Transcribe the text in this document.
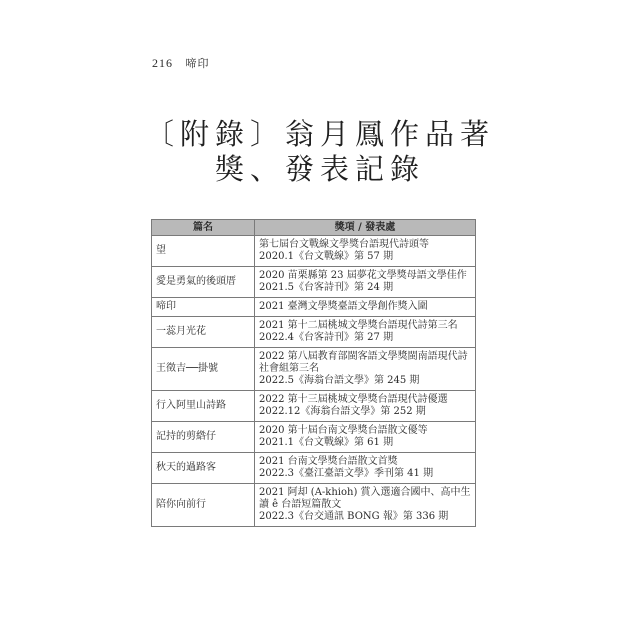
216 啼印
〔附錄〕翁月鳳作品著
獎、發表記錄
篇名	獎項 / 發表處
望	第七屆台文戰線文學獎台語現代詩頭等
2020.1《台文戰線》第 57 期

愛是勇氣的後頭厝	2020 苗栗縣第 23 屆夢花文學獎母語文學佳作
2021.5《台客詩刊》第 24 期

啼印	2021 臺灣文學獎臺語文學創作獎入圍

一蕊月光花	2021 第十二屆桃城文學獎台語現代詩第三名
2022.4《台客詩刊》第 27 期

王徵吉──掛號	2022 第八屆教育部閩客語文學獎閩南語現代詩社會組第三名
2022.5《海翁台語文學》第 245 期

行入阿里山詩路	2022 第十三屆桃城文學獎台語現代詩優選
2022.12《海翁台語文學》第 252 期

記持的剪綹仔	2020 第十屆台南文學獎台語散文優等
2021.1《台文戰線》第 61 期

秋天的過路客	2021 台南文學獎台語散文首獎
2022.3《臺江臺語文學》季刊第 41 期

陪你向前行	2021 阿却 (A-khioh) 賞入選適合國中、高中生讀 ê 台語短篇散文
2022.3《台交通訊 BONG 報》第 336 期
